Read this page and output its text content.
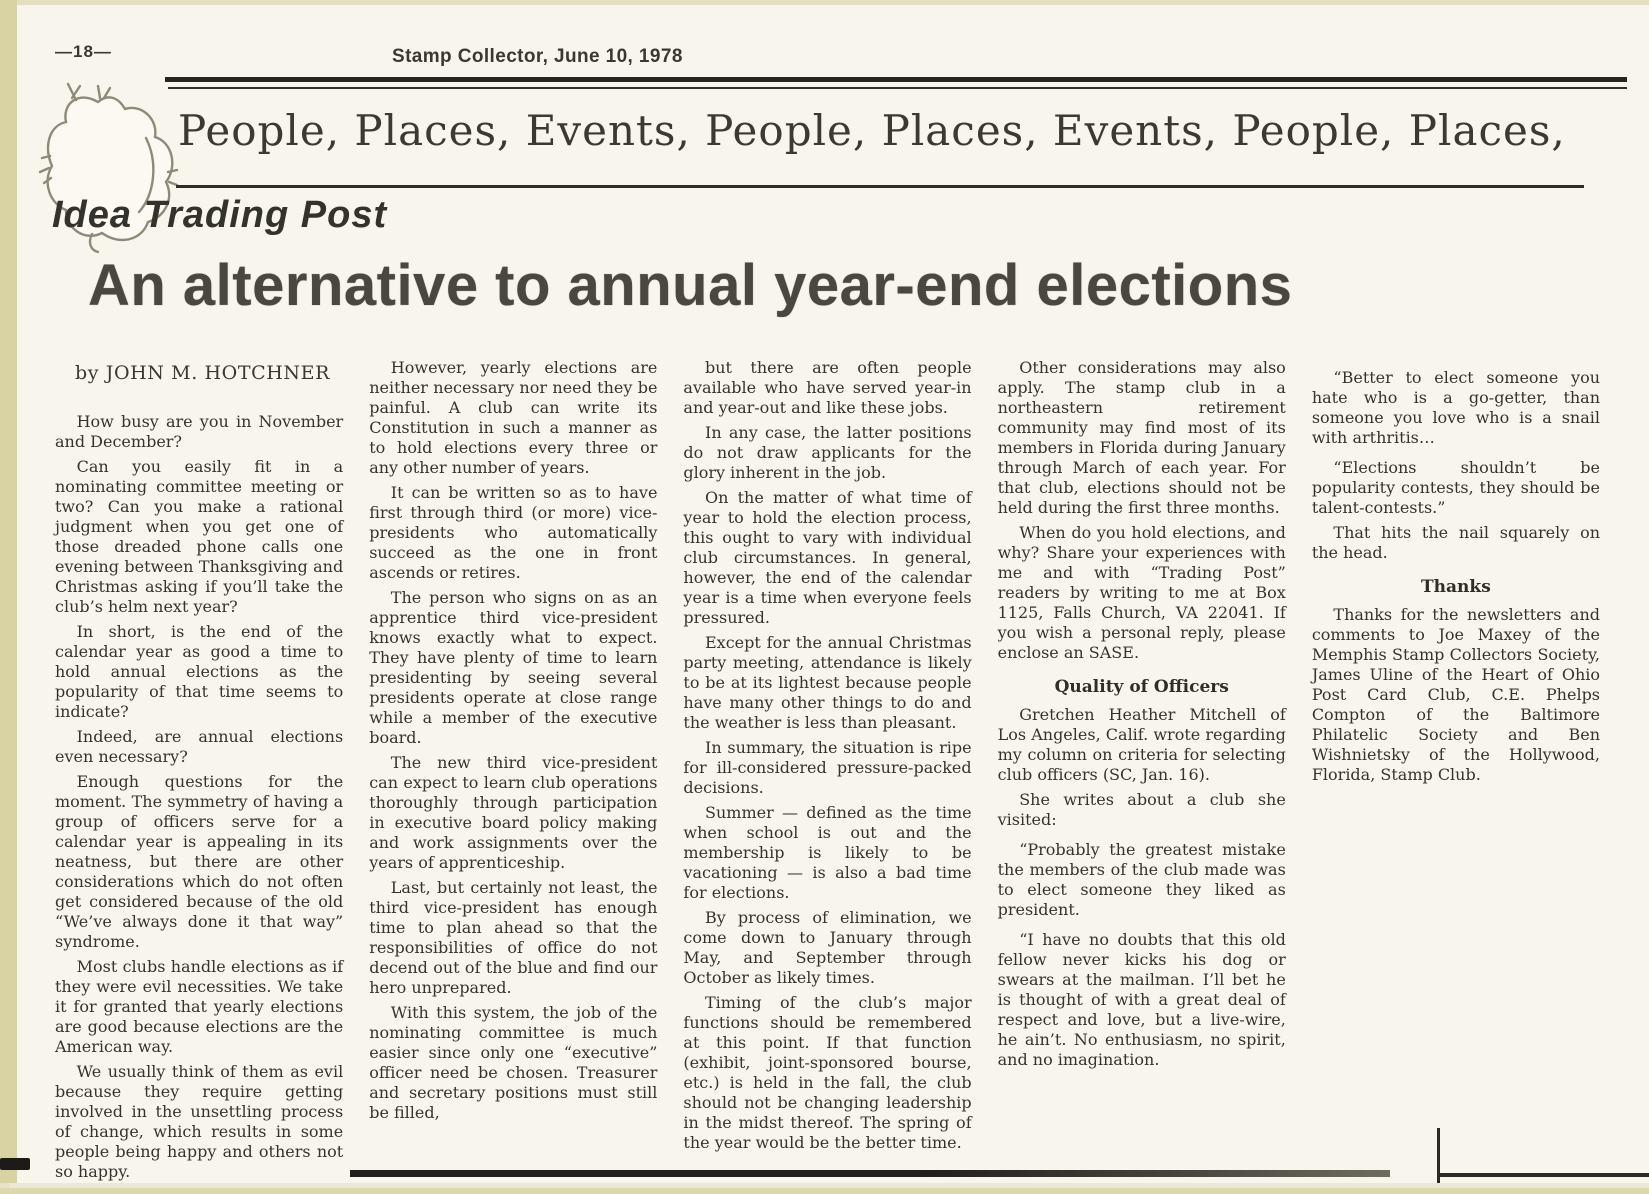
—18—	Stamp Collector, June 10, 1978
People, Places, Events, People, Places, Events, People, Places,
Idea Trading Post
An alternative to annual year-end elections
by JOHN M. HOTCHNER

How busy are you in November and December?

Can you easily fit in a nominating committee meeting or two? Can you make a rational judgment when you get one of those dreaded phone calls one evening between Thanksgiving and Christmas asking if you’ll take the club’s helm next year?

In short, is the end of the calendar year as good a time to hold annual elections as the popularity of that time seems to indicate?

Indeed, are annual elections even necessary?

Enough questions for the moment. The symmetry of having a group of officers serve for a calendar year is appealing in its neatness, but there are other considerations which do not often get considered because of the old “We’ve always done it that way” syndrome.

Most clubs handle elections as if they were evil necessities. We take it for granted that yearly elections are good because elections are the American way.

We usually think of them as evil because they require getting involved in the unsettling process of change, which results in some people being happy and others not so happy.

However, yearly elections are neither necessary nor need they be painful. A club can write its Constitution in such a manner as to hold elections every three or any other number of years.

It can be written so as to have first through third (or more) vice-presidents who automatically succeed as the one in front ascends or retires.

The person who signs on as an apprentice third vice-president knows exactly what to expect. They have plenty of time to learn presidenting by seeing several presidents operate at close range while a member of the executive board.

The new third vice-president can expect to learn club operations thoroughly through participation in executive board policy making and work assignments over the years of apprenticeship.

Last, but certainly not least, the third vice-president has enough time to plan ahead so that the responsibilities of office do not decend out of the blue and find our hero unprepared.

With this system, the job of the nominating committee is much easier since only one “executive” officer need be chosen. Treasurer and secretary positions must still be filled,

but there are often people available who have served year-in and year-out and like these jobs.

In any case, the latter positions do not draw applicants for the glory inherent in the job.

On the matter of what time of year to hold the election process, this ought to vary with individual club circumstances. In general, however, the end of the calendar year is a time when everyone feels pressured.

Except for the annual Christmas party meeting, attendance is likely to be at its lightest because people have many other things to do and the weather is less than pleasant.

In summary, the situation is ripe for ill-considered pressure-packed decisions.

Summer — defined as the time when school is out and the membership is likely to be vacationing — is also a bad time for elections.

By process of elimination, we come down to January through May, and September through October as likely times.

Timing of the club’s major functions should be remembered at this point. If that function (exhibit, joint-sponsored bourse, etc.) is held in the fall, the club should not be changing leadership in the midst thereof. The spring of the year would be the better time.

Other considerations may also apply. The stamp club in a northeastern retirement community may find most of its members in Florida during January through March of each year. For that club, elections should not be held during the first three months.

When do you hold elections, and why? Share your experiences with me and with “Trading Post” readers by writing to me at Box 1125, Falls Church, VA 22041. If you wish a personal reply, please enclose an SASE.

Quality of Officers

Gretchen Heather Mitchell of Los Angeles, Calif. wrote regarding my column on criteria for selecting club officers (SC, Jan. 16).

She writes about a club she visited:

“Probably the greatest mistake the members of the club made was to elect someone they liked as president.

“I have no doubts that this old fellow never kicks his dog or swears at the mailman. I’ll bet he is thought of with a great deal of respect and love, but a live-wire, he ain’t. No enthusiasm, no spirit, and no imagination.

“Better to elect someone you hate who is a go-getter, than someone you love who is a snail with arthritis…

“Elections shouldn’t be popularity contests, they should be talent-contests.”

That hits the nail squarely on the head.

Thanks

Thanks for the newsletters and comments to Joe Maxey of the Memphis Stamp Collectors Society, James Uline of the Heart of Ohio Post Card Club, C.E. Phelps Compton of the Baltimore Philatelic Society and Ben Wishnietsky of the Hollywood, Florida, Stamp Club.
